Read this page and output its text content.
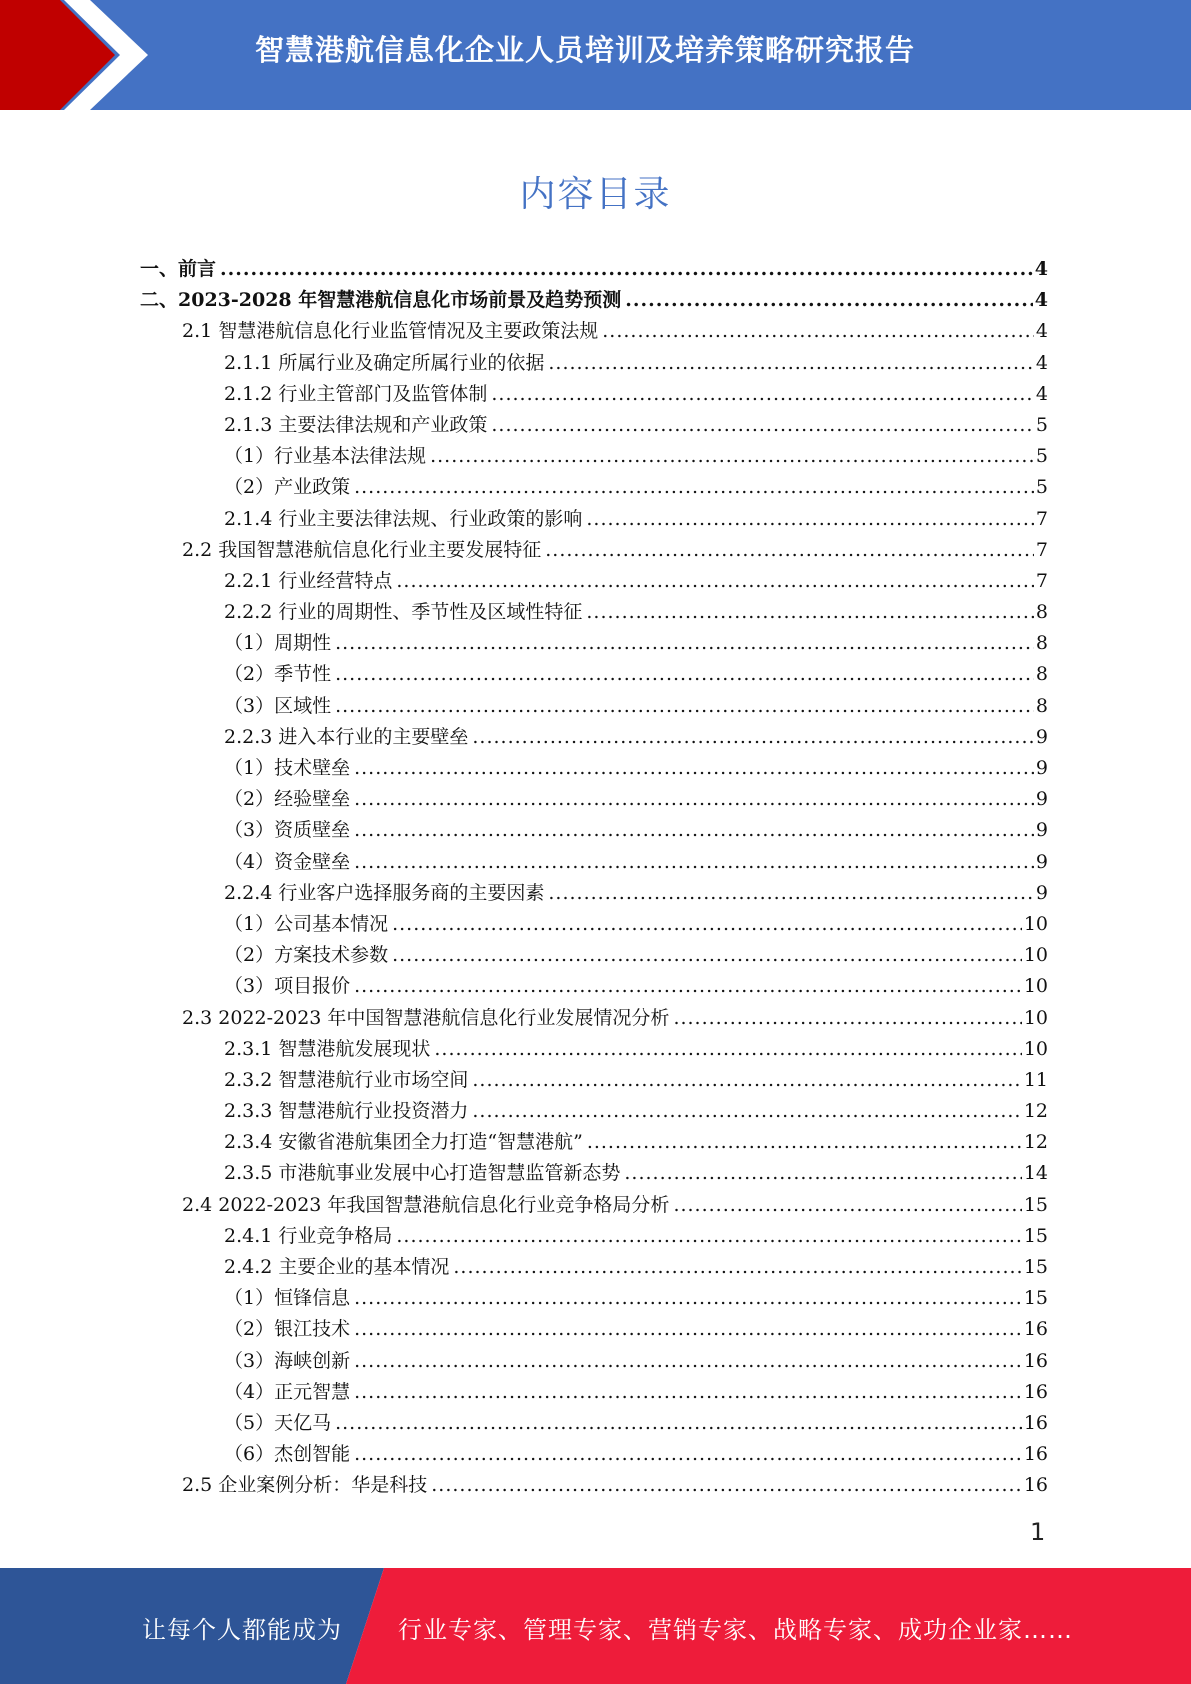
智慧港航信息化企业人员培训及培养策略研究报告
内容目录
一、前言 .....	4
二、2023-2028 年智慧港航信息化市场前景及趋势预测 .....	4
2.1 智慧港航信息化行业监管情况及主要政策法规 .....	4
2.1.1 所属行业及确定所属行业的依据 .....	4
2.1.2 行业主管部门及监管体制 .....	4
2.1.3 主要法律法规和产业政策 .....	5
（1）行业基本法律法规 .....	5
（2）产业政策 .....	5
2.1.4 行业主要法律法规、行业政策的影响 .....	7
2.2 我国智慧港航信息化行业主要发展特征 .....	7
2.2.1 行业经营特点 .....	7
2.2.2 行业的周期性、季节性及区域性特征 .....	8
（1）周期性 .....	8
（2）季节性 .....	8
（3）区域性 .....	8
2.2.3 进入本行业的主要壁垒 .....	9
（1）技术壁垒 .....	9
（2）经验壁垒 .....	9
（3）资质壁垒 .....	9
（4）资金壁垒 .....	9
2.2.4 行业客户选择服务商的主要因素 .....	9
（1）公司基本情况 .....	10
（2）方案技术参数 .....	10
（3）项目报价 .....	10
2.3 2022-2023 年中国智慧港航信息化行业发展情况分析 .....	10
2.3.1 智慧港航发展现状 .....	10
2.3.2 智慧港航行业市场空间 .....	11
2.3.3 智慧港航行业投资潜力 .....	12
2.3.4 安徽省港航集团全力打造“智慧港航” .....	12
2.3.5 市港航事业发展中心打造智慧监管新态势 .....	14
2.4 2022-2023 年我国智慧港航信息化行业竞争格局分析 .....	15
2.4.1 行业竞争格局 .....	15
2.4.2 主要企业的基本情况 .....	15
（1）恒锋信息 .....	15
（2）银江技术 .....	16
（3）海峡创新 .....	16
（4）正元智慧 .....	16
（5）天亿马 .....	16
（6）杰创智能 .....	16
2.5 企业案例分析：华是科技 .....	16
1
让每个人都能成为 行业专家、管理专家、营销专家、战略专家、成功企业家……
